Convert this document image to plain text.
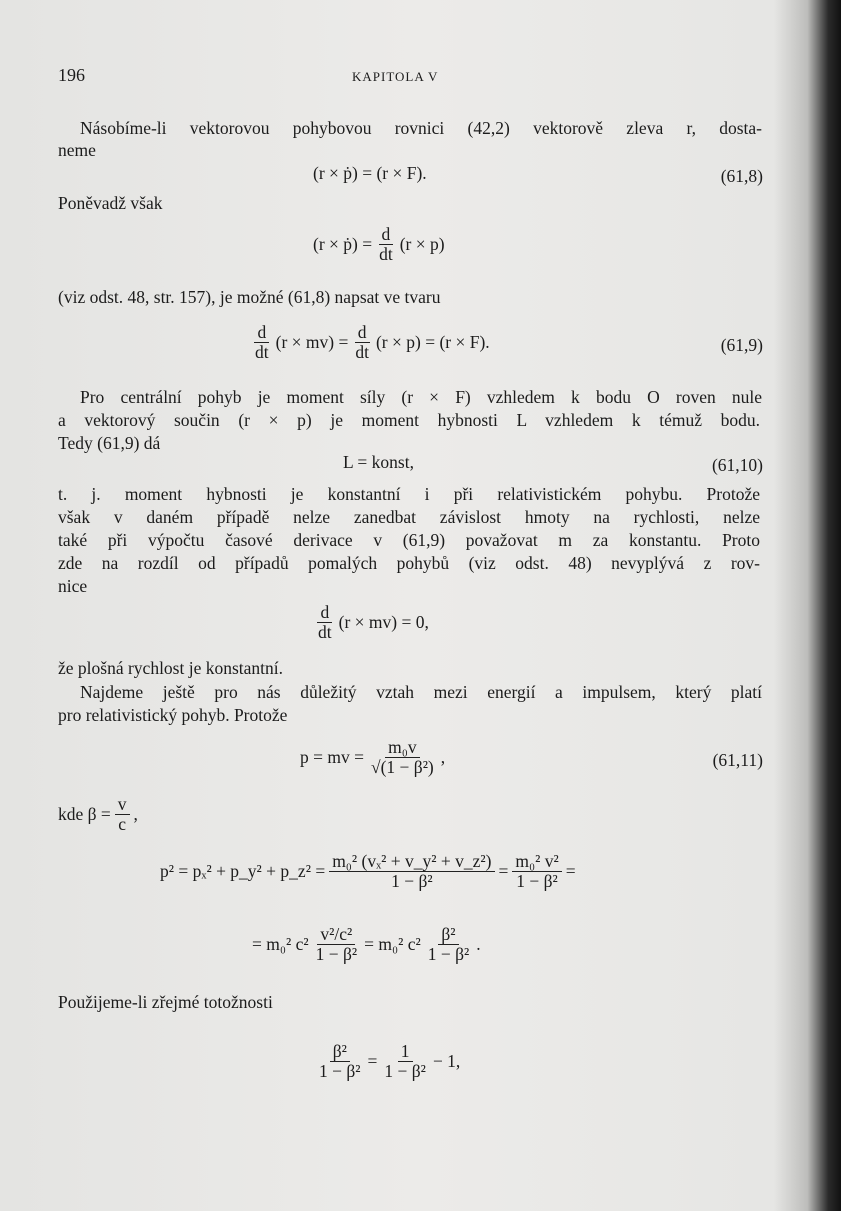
196	KAPITOLA V
Násobíme-li vektorovou pohybovou rovnici (42,2) vektorově zleva r, dosta-
neme
(r × ṗ) = (r × F).	(61,8)
Poněvadž však
(r × ṗ) = $\frac{d}{dt} (r \times p)$
(viz odst. 48, str. 157), je možné (61,8) napsat ve tvaru
$\frac{d}{dt} (r \times mv) = \frac{d}{dt} (r \times p) = (r \times F)$.	(61,9)
Pro centrální pohyb je moment síly (r × F) vzhledem k bodu O roven nule
a vektorový součin (r × p) je moment hybnosti L vzhledem k témuž bodu.
Tedy (61,9) dá
L = konst,	(61,10)
t. j. moment hybnosti je konstantní i při relativistickém pohybu. Protože
však v daném případě nelze zanedbat závislost hmoty na rychlosti, nelze
také při výpočtu časové derivace v (61,9) považovat m za konstantu. Proto
zde na rozdíl od případů pomalých pohybů (viz odst. 48) nevyplývá z rov-
nice
$\frac{d}{dt} (r \times mv) = 0$,
že plošná rychlost je konstantní.
Najdeme ještě pro nás důležitý vztah mezi energií a impulsem, který platí
pro relativistický pohyb. Protože
p = mv = $\frac{\text{m₀v}}{\text{√(1 − β²)}}$ ,	(61,11)
kde $\beta = \frac{v}{c}$ ,
p² = pₓ² + p_y² + p_z² = $\frac{\text{m₀² (vₓ² + v\_y² + v\_z²)}}{\text{1 − β²}} = \frac{\text{m₀² v²}}{\text{1 − β²}}$ =
= m₀² $c^2 \frac{\text{v²/c²}}{\text{1 − β²}} = m_0^2$ $c^2 \frac{\text{β²}}{\text{1 − β²}}$ .
Použijeme-li zřejmé totožnosti
$\frac{\text{β²}}{\text{1 − β²}} = \frac{1}{\text{1 − β²}} - 1$,
